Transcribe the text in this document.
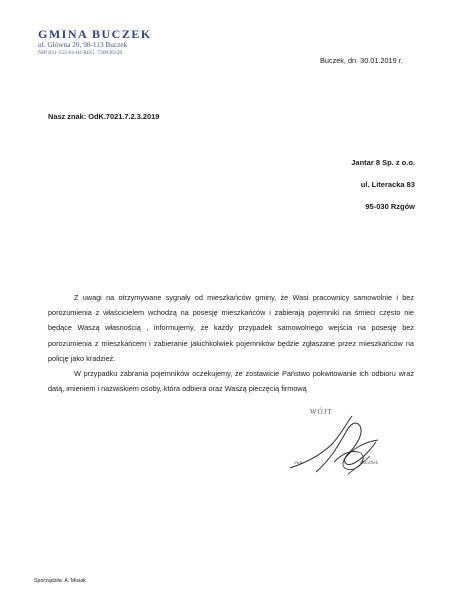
GMINA BUCZEK
ul. Główna 20, 98-113 Buczek
NIP 831-155-61-04 REG. 730936320
Buczek, dn. 30.01.2019 r.
Nasz znak: OdK.7021.7.2.3.2019
Jantar 8 Sp. z o.o.
ul. Literacka 83
95-030 Rzgów

Z uwagi na otrzymywane sygnały od mieszkańców gminy, że Wasi pracownicy samowolnie i bez porozumienia z właścicielem wchodzą na posesję mieszkańców i zabierają pojemniki na śmieci często nie będące Waszą własnością , informujemy, że każdy przypadek samowolnego wejścia na posesję bez porozumienia z mieszkańcem i zabieranie jakichkolwiek pojemników będzie zgłaszane przez mieszkańców na policję jako kradzież.

W przypadku zabrania pojemników oczekujemy, że zostawicie Państwo pokwitowanie ich odbioru wraz datą, imieniem i nazwiskiem osoby, która odbiera oraz Waszą pieczęcią firmową

WÓJT
mgr	Dzióbek
Sporządziła: A. Misiak
